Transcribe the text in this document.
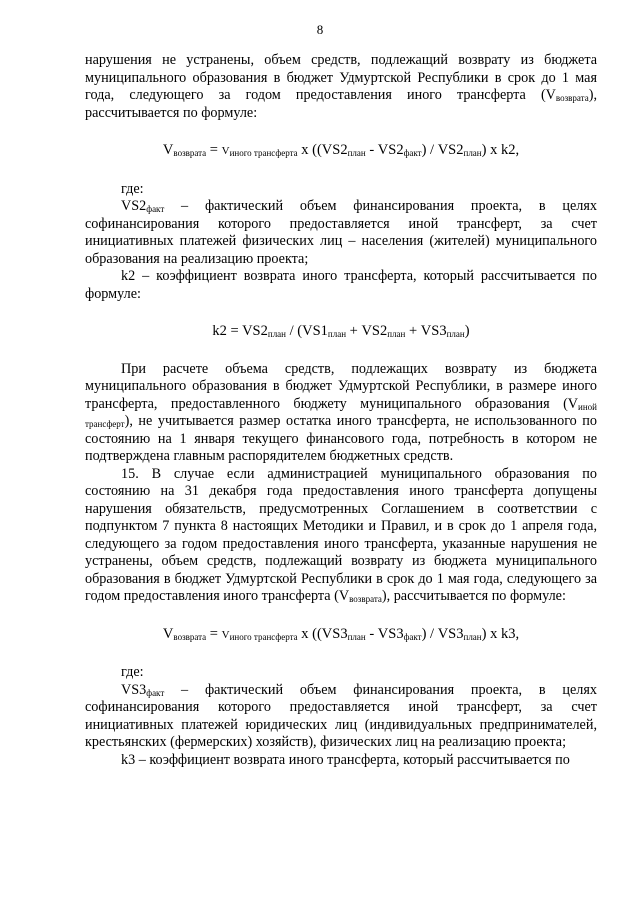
8

нарушения не устранены, объем средств, подлежащий возврату из бюджета муниципального образования в бюджет Удмуртской Республики в срок до 1 мая года, следующего за годом предоставления иного трансферта $(V_{возврата})$, рассчитывается по формуле:

$V_{возврата} = V_{иного трансферта}$ х $((VS2_{план} - VS2_{факт}) / VS2_{план})$ х k2,

где:

$VS2_{факт}$ – фактический объем финансирования проекта, в целях софинансирования которого предоставляется иной трансферт, за счет инициативных платежей физических лиц – населения (жителей) муниципального образования на реализацию проекта;

k2 – коэффициент возврата иного трансферта, который рассчитывается по формуле:

$k2 = VS2_{план} / (VS1_{план} + VS2_{план} + VS3_{план})$

При расчете объема средств, подлежащих возврату из бюджета муниципального образования в бюджет Удмуртской Республики, в размере иного трансферта, предоставленного бюджету муниципального образования $(V_{иной трансферт})$, не учитывается размер остатка иного трансферта, не использованного по состоянию на 1 января текущего финансового года, потребность в котором не подтверждена главным распорядителем бюджетных средств.

15. В случае если администрацией муниципального образования по состоянию на 31 декабря года предоставления иного трансферта допущены нарушения обязательств, предусмотренных Соглашением в соответствии с подпунктом 7 пункта 8 настоящих Методики и Правил, и в срок до 1 апреля года, следующего за годом предоставления иного трансферта, указанные нарушения не устранены, объем средств, подлежащий возврату из бюджета муниципального образования в бюджет Удмуртской Республики в срок до 1 мая года, следующего за годом предоставления иного трансферта $(V_{возврата})$, рассчитывается по формуле:

$V_{возврата} = V_{иного трансферта}$ х $((VS3_{план} - VS3_{факт}) / VS3_{план})$ х k3,

где:

$VS3_{факт}$ – фактический объем финансирования проекта, в целях софинансирования которого предоставляется иной трансферт, за счет инициативных платежей юридических лиц (индивидуальных предпринимателей, крестьянских (фермерских) хозяйств), физических лиц на реализацию проекта;

k3 – коэффициент возврата иного трансферта, который рассчитывается по
